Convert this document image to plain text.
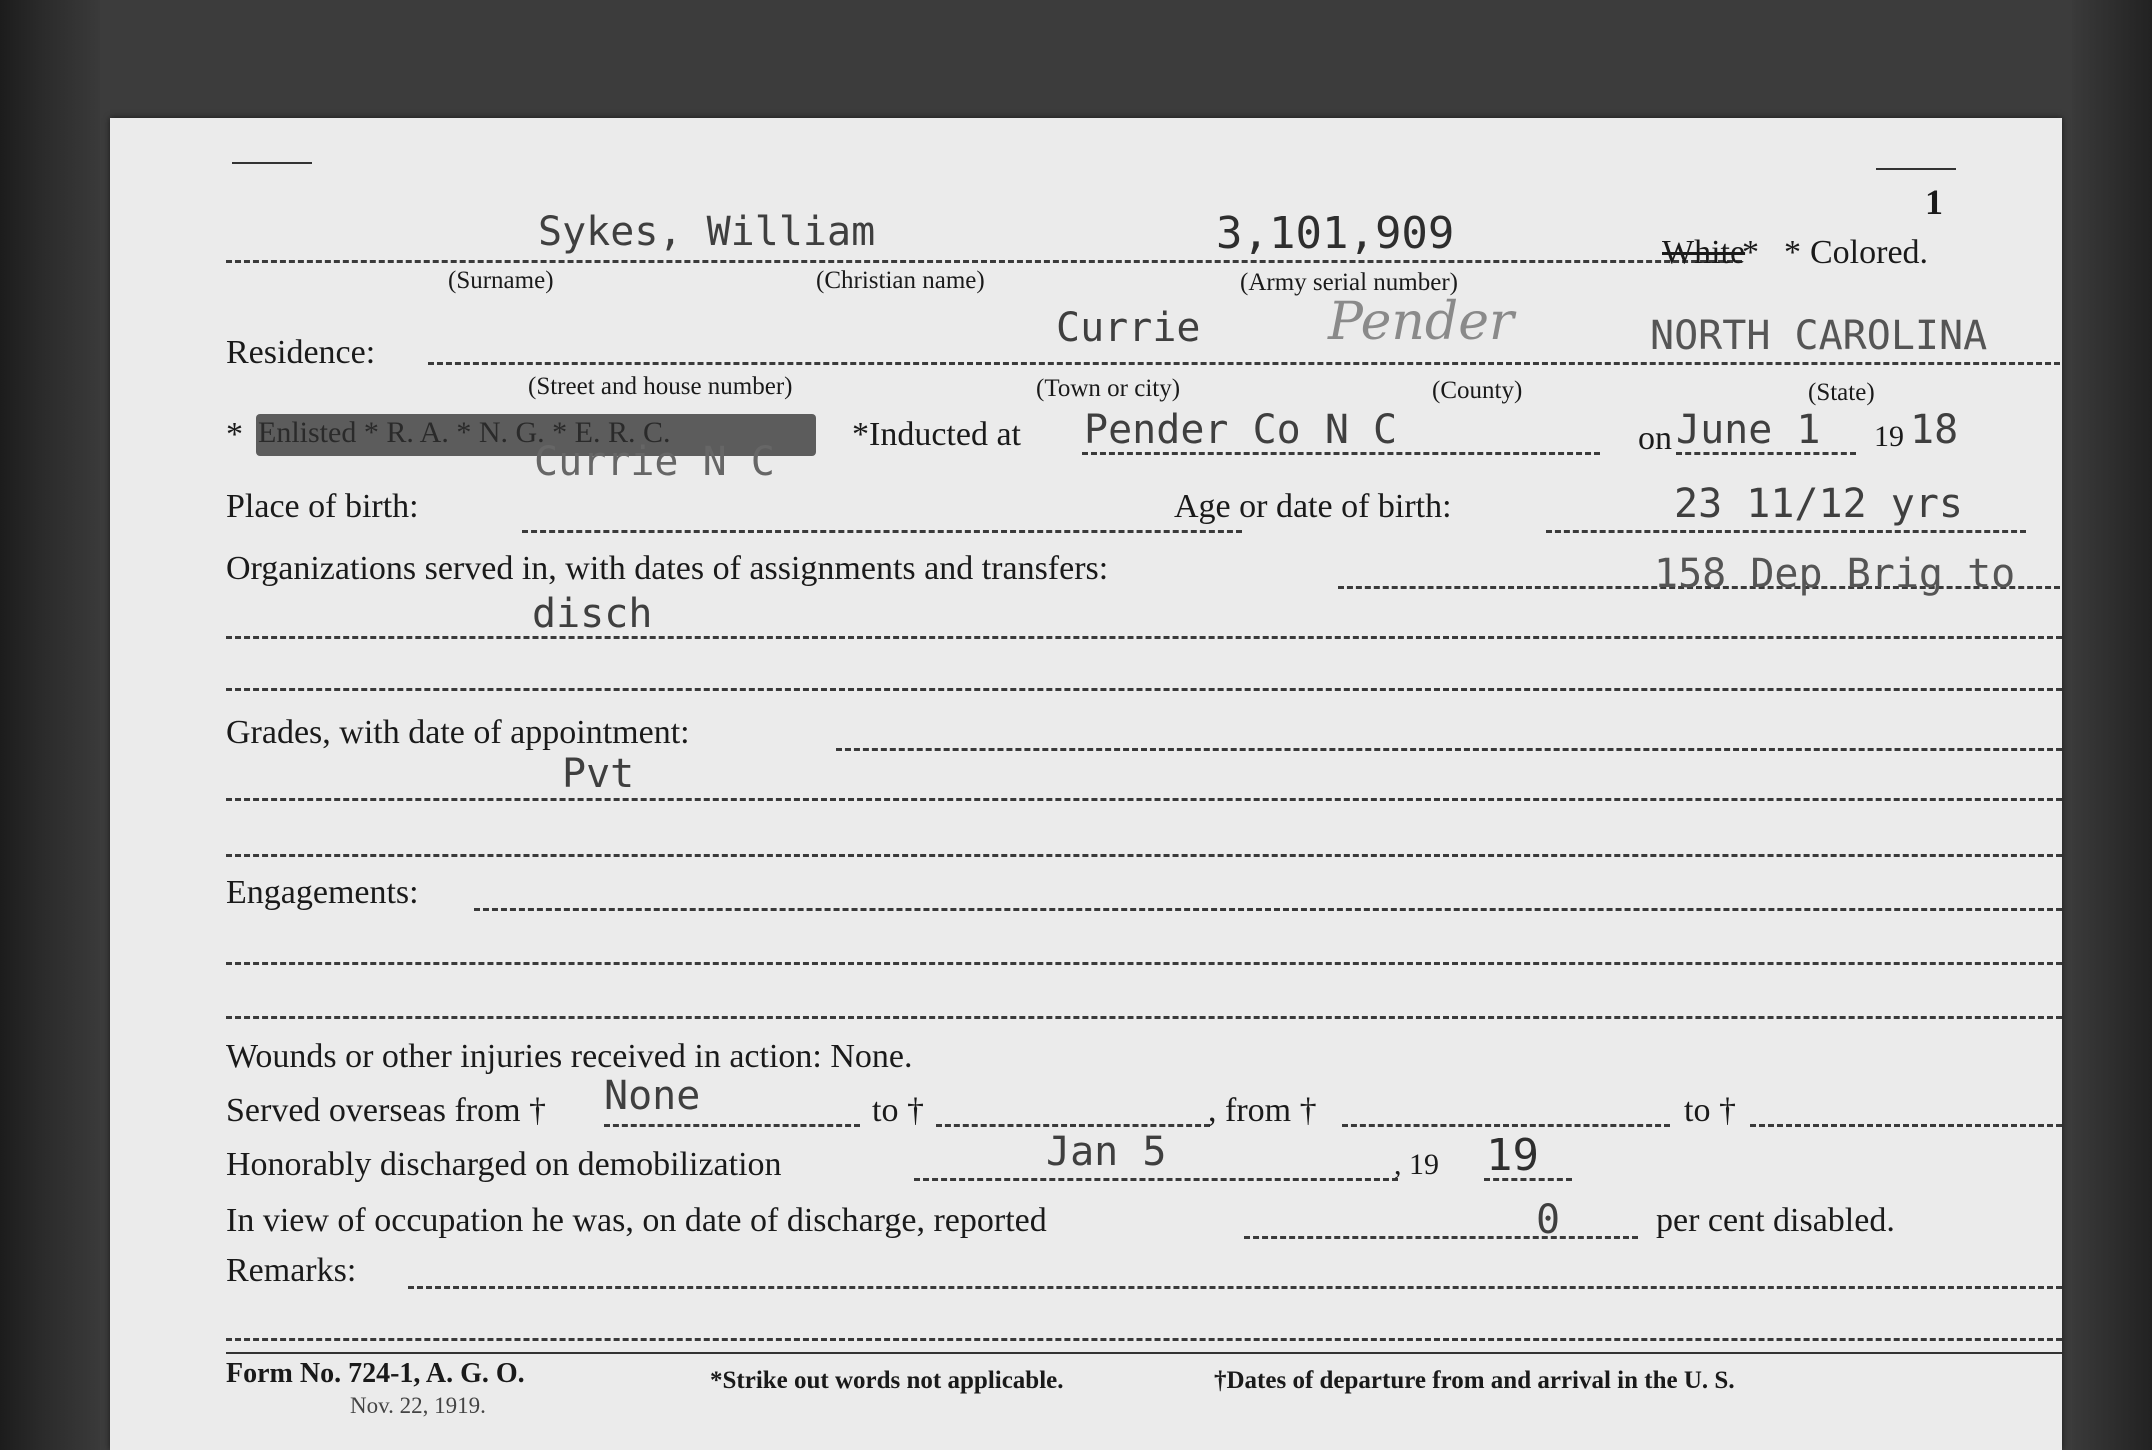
1
Sykes, William	3,101,909	*
White * Colored.
(Surname)	(Christian name)	(Army serial number)
Residence:
Currie Pender	NORTH CAROLINA
(Street and house number)	(Town or city)	(County)	(State)
* Enlisted * R. A. * N. G. * E. R. C.	*Inducted at Pender Co N C	on June 1 19 18
Place of birth:
Currie N C
Age or date of birth:	23 11/12 yrs
Organizations served in, with dates of assignments and transfers:	158 Dep Brig to
disch
Grades, with date of appointment:
Pvt
Engagements:
Wounds or other injuries received in action: None.
Served overseas from † None	to †	, from †	to †
Honorably discharged on demobilization	Jan 5	, 19 19
In view of occupation he was, on date of discharge, reported	0	per cent disabled.
Remarks:
Form No. 724-1, A. G. O.
Nov. 22, 1919.
*Strike out words not applicable.	†Dates of departure from and arrival in the U. S.
